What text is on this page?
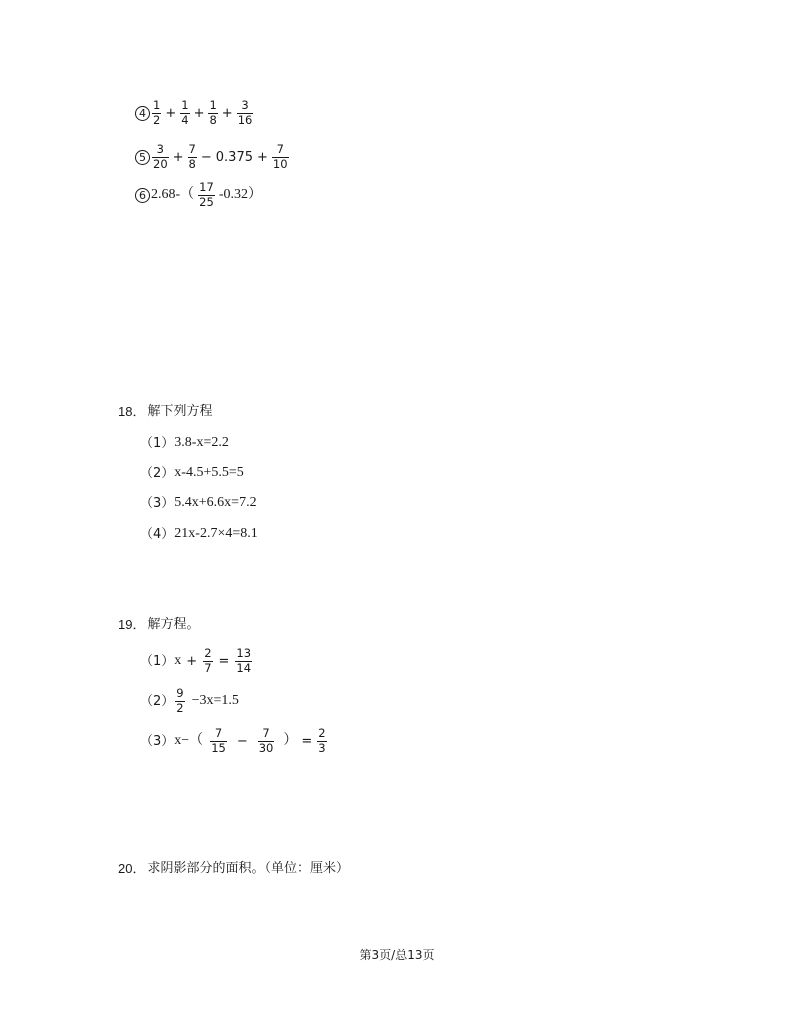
$4 \frac{1}{2} + \frac{1}{4} + \frac{1}{8} + \frac{3}{16}$
$5 \frac{3}{20} + \frac{7}{8} - 0.375 + \frac{7}{10}$
6 $2.68-( \frac{17}{25} -0.32)$
18． 解下列方程
（1） 3.8-x=2.2
（2） x-4.5+5.5=5
（3） 5.4x+6.6x=7.2
（4） 21x-2.7×4=8.1
19． 解方程。
（1） $x + \frac{2}{7} = \frac{13}{14}$
$(2) \frac{9}{2} -3x=1.5$
（3） $x-( \frac{7}{15} - \frac{7}{30}$ ） = $\frac{2}{3}$
20． 求阴影部分的面积。（单位：厘米）
第3页/总13页
